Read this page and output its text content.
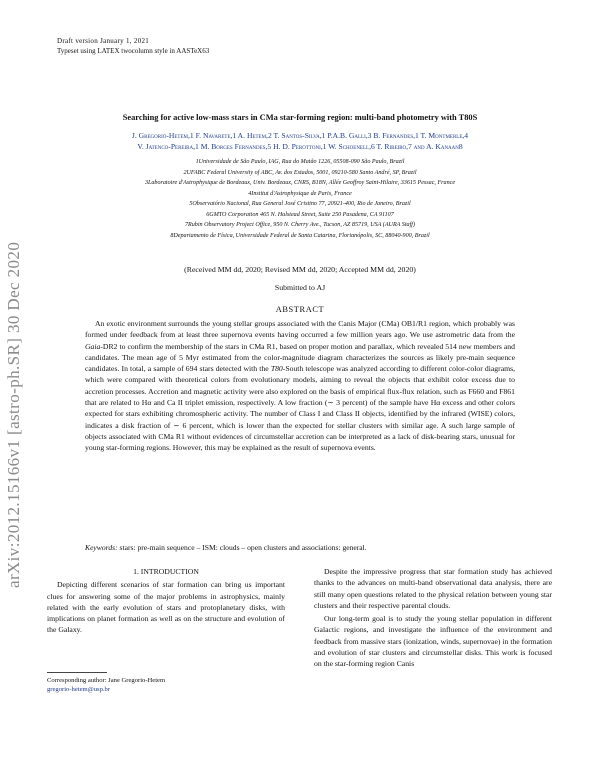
Draft version January 1, 2021
Typeset using LATEX twocolumn style in AASTeX63
arXiv:2012.15166v1 [astro-ph.SR] 30 Dec 2020
Searching for active low-mass stars in CMa star-forming region: multi-band photometry with T80S
J. Gregorio-Hetem,1 F. Navarete,1 A. Hetem,2 T. Santos-Silva,1 P.A.B. Galli,3 B. Fernandes,1 T. Montmerle,4
V. Jatenco-Pereira,1 M. Borges Fernandes,5 H. D. Perottoni,1 W. Schoenell,6 T. Ribeiro,7 and A. Kanaan8
1Universidade de São Paulo, IAG, Rua do Matão 1226, 05508-090 São Paulo, Brazil
2UFABC Federal University of ABC, Av. dos Estados, 5001, 09210-580 Santo André, SP, Brazil
3Laboratoire d'Astrophysique de Bordeaux, Univ. Bordeaux, CNRS, B18N, Allée Geoffroy Saint-Hilaire, 33615 Pessac, France
4Institut d'Astrophysique de Paris, France
5Observatório Nacional, Rua General José Cristino 77, 20921-400, Rio de Janeiro, Brazil
6GMTO Corporation 465 N. Halstead Street, Suite 250 Pasadena, CA 91107
7Rubin Observatory Project Office, 950 N. Cherry Ave., Tucson, AZ 85719, USA (AURA Staff)
8Departamento de Física, Universidade Federal de Santa Catarina, Florianópolis, SC, 88040-900, Brazil
(Received MM dd, 2020; Revised MM dd, 2020; Accepted MM dd, 2020)
Submitted to AJ
ABSTRACT
An exotic environment surrounds the young stellar groups associated with the Canis Major (CMa) OB1/R1 region, which probably was formed under feedback from at least three supernova events having occurred a few million years ago. We use astrometric data from the Gaia-DR2 to confirm the membership of the stars in CMa R1, based on proper motion and parallax, which revealed 514 new members and candidates. The mean age of 5 Myr estimated from the color-magnitude diagram characterizes the sources as likely pre-main sequence candidates. In total, a sample of 694 stars detected with the T80-South telescope was analyzed according to different color-color diagrams, which were compared with theoretical colors from evolutionary models, aiming to reveal the objects that exhibit color excess due to accretion processes. Accretion and magnetic activity were also explored on the basis of empirical flux-flux relation, such as F660 and F861 that are related to Hα and Ca II triplet emission, respectively. A low fraction (∼ 3 percent) of the sample have Hα excess and other colors expected for stars exhibiting chromospheric activity. The number of Class I and Class II objects, identified by the infrared (WISE) colors, indicates a disk fraction of ∼ 6 percent, which is lower than the expected for stellar clusters with similar age. A such large sample of objects associated with CMa R1 without evidences of circumstellar accretion can be interpreted as a lack of disk-bearing stars, unusual for young star-forming regions. However, this may be explained as the result of supernova events.
Keywords: stars: pre-main sequence – ISM: clouds – open clusters and associations: general.

1. INTRODUCTION

Depicting different scenarios of star formation can bring us important clues for answering some of the major problems in astrophysics, mainly related with the early evolution of stars and protoplanetary disks, with implications on planet formation as well as on the structure and evolution of the Galaxy.

Despite the impressive progress that star formation study has achieved thanks to the advances on multi-band observational data analysis, there are still many open questions related to the physical relation between young star clusters and their respective parental clouds.

Our long-term goal is to study the young stellar population in different Galactic regions, and investigate the influence of the environment and feedback from massive stars (ionization, winds, supernovae) in the formation and evolution of star clusters and circumstellar disks. This work is focused on the star-forming region Canis

Corresponding author: Jane Gregorio-Hetem
gregorio-hetem@usp.br
